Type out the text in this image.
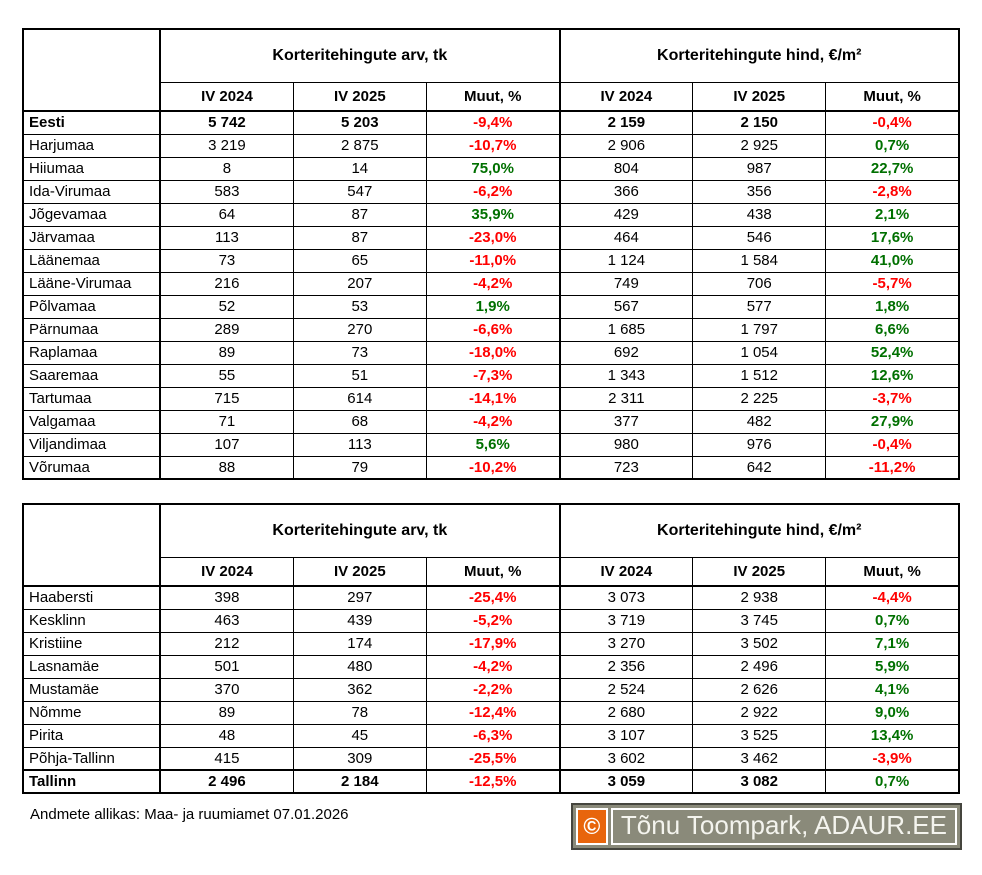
	Korteritehingute arv, tk			Korteritehingute hind, €/m²		
	IV 2024	IV 2025	Muut, %	IV 2024	IV 2025	Muut, %
Eesti	5 742	5 203	-9,4%	2 159	2 150	-0,4%
Harjumaa	3 219	2 875	-10,7%	2 906	2 925	0,7%
Hiiumaa	8	14	75,0%	804	987	22,7%
Ida-Virumaa	583	547	-6,2%	366	356	-2,8%
Jõgevamaa	64	87	35,9%	429	438	2,1%
Järvamaa	113	87	-23,0%	464	546	17,6%
Läänemaa	73	65	-11,0%	1 124	1 584	41,0%
Lääne-Virumaa	216	207	-4,2%	749	706	-5,7%
Põlvamaa	52	53	1,9%	567	577	1,8%
Pärnumaa	289	270	-6,6%	1 685	1 797	6,6%
Raplamaa	89	73	-18,0%	692	1 054	52,4%
Saaremaa	55	51	-7,3%	1 343	1 512	12,6%
Tartumaa	715	614	-14,1%	2 311	2 225	-3,7%
Valgamaa	71	68	-4,2%	377	482	27,9%
Viljandimaa	107	113	5,6%	980	976	-0,4%
Võrumaa	88	79	-10,2%	723	642	-11,2%
	Korteritehingute arv, tk			Korteritehingute hind, €/m²		
	IV 2024	IV 2025	Muut, %	IV 2024	IV 2025	Muut, %
Haabersti	398	297	-25,4%	3 073	2 938	-4,4%
Kesklinn	463	439	-5,2%	3 719	3 745	0,7%
Kristiine	212	174	-17,9%	3 270	3 502	7,1%
Lasnamäe	501	480	-4,2%	2 356	2 496	5,9%
Mustamäe	370	362	-2,2%	2 524	2 626	4,1%
Nõmme	89	78	-12,4%	2 680	2 922	9,0%
Pirita	48	45	-6,3%	3 107	3 525	13,4%
Põhja-Tallinn	415	309	-25,5%	3 602	3 462	-3,9%
Tallinn	2 496	2 184	-12,5%	3 059	3 082	0,7%
Andmete allikas: Maa- ja ruumiamet 07.01.2026	© Tõnu Toompark, ADAUR.EE
